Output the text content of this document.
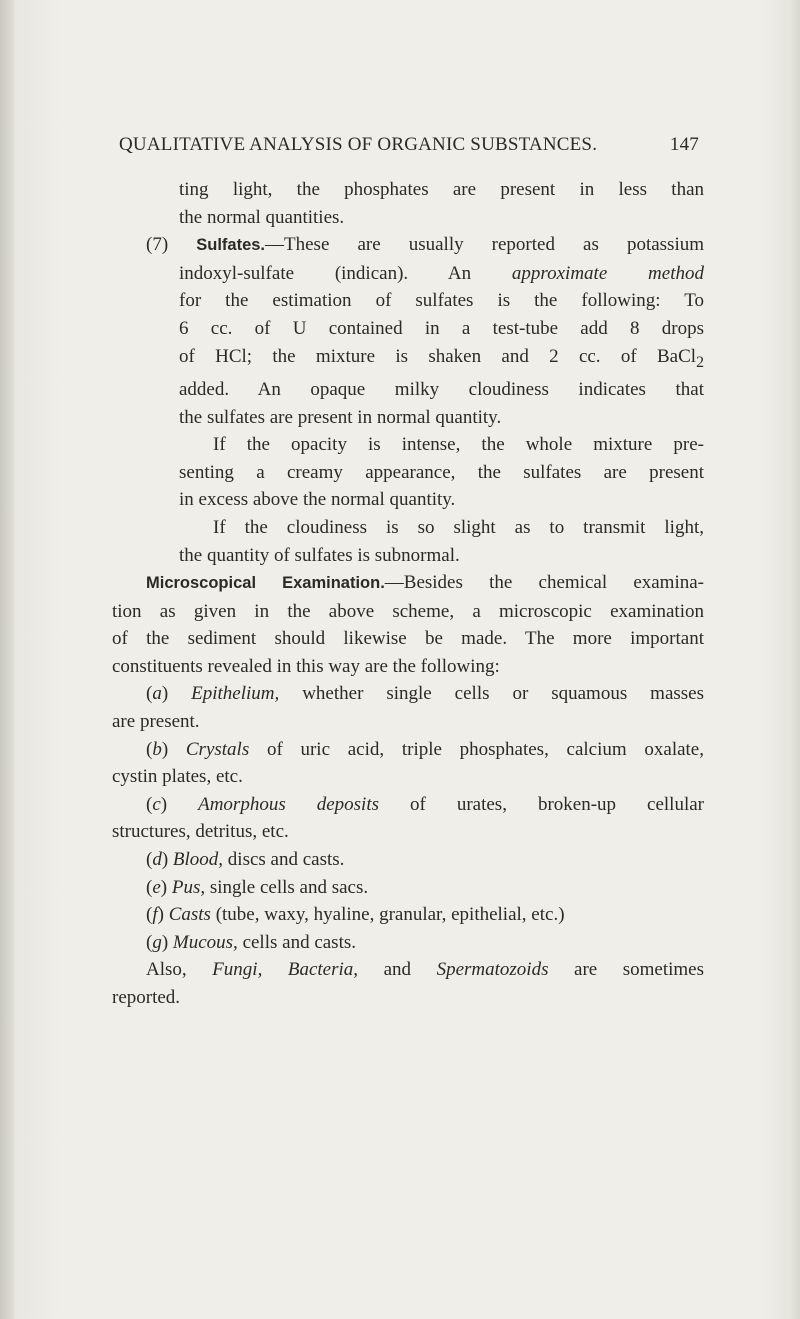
QUALITATIVE ANALYSIS OF ORGANIC SUBSTANCES.	147
ting light, the phosphates are present in less than
the normal quantities.
(7) Sulfates.—These are usually reported as potassium
indoxyl-sulfate (indican). An approximate method
for the estimation of sulfates is the following: To
6 cc. of U contained in a test-tube add 8 drops
of HCl; the mixture is shaken and 2 cc. of BaCl$_2$
added. An opaque milky cloudiness indicates that
the sulfates are present in normal quantity.
If the opacity is intense, the whole mixture pre-
senting a creamy appearance, the sulfates are present
in excess above the normal quantity.
If the cloudiness is so slight as to transmit light,
the quantity of sulfates is subnormal.
Microscopical Examination.—Besides the chemical examina-
tion as given in the above scheme, a microscopic examination
of the sediment should likewise be made. The more important
constituents revealed in this way are the following:
(a) Epithelium, whether single cells or squamous masses
are present.
(b) Crystals of uric acid, triple phosphates, calcium oxalate,
cystin plates, etc.
(c) Amorphous deposits of urates, broken-up cellular
structures, detritus, etc.
(d) Blood, discs and casts.
(e) Pus, single cells and sacs.
(f) Casts (tube, waxy, hyaline, granular, epithelial, etc.)
(g) Mucous, cells and casts.
Also, Fungi, Bacteria, and Spermatozoids are sometimes
reported.
